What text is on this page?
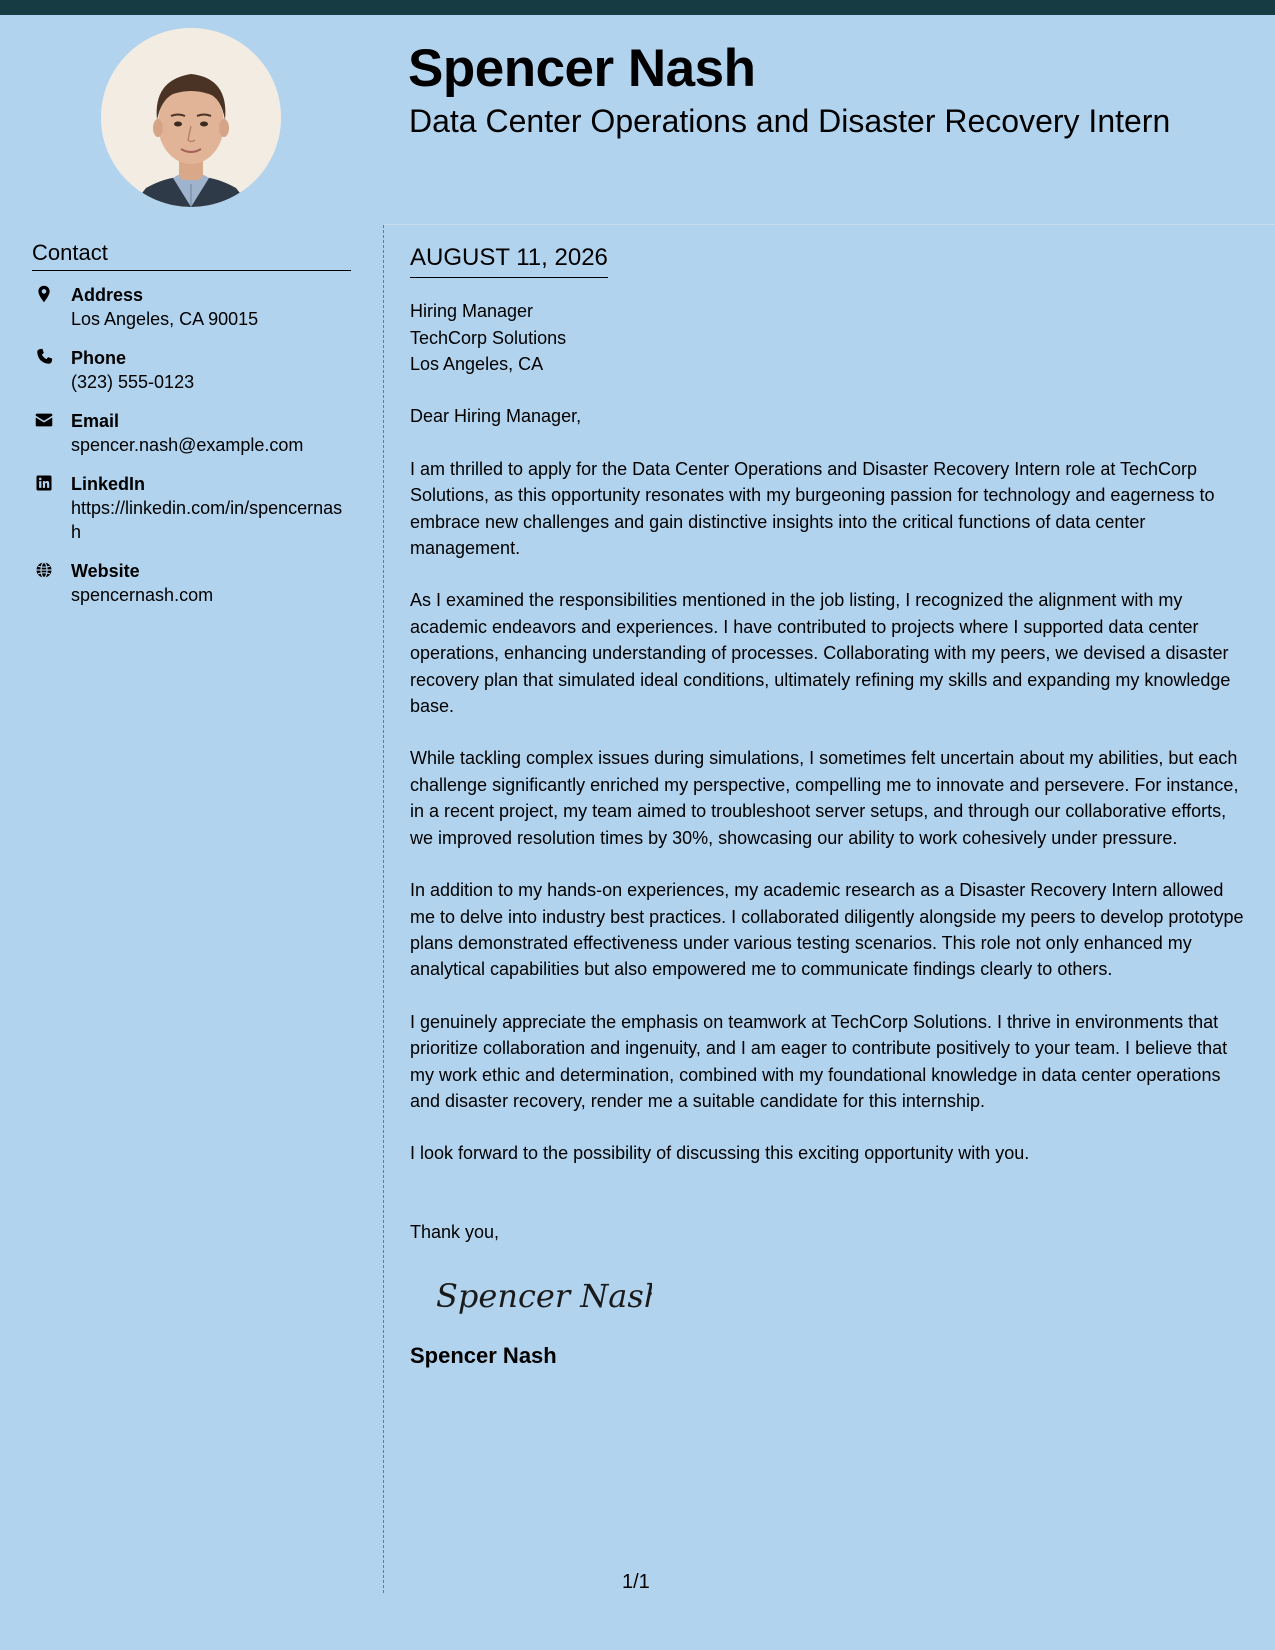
Spencer Nash
Data Center Operations and Disaster Recovery Intern
Contact
Address
Los Angeles, CA 90015
Phone
(323) 555-0123
Email
spencer.nash@example.com
LinkedIn
https://linkedin.com/in/spencernash
Website
spencernash.com
AUGUST 11, 2026
Hiring Manager
TechCorp Solutions
Los Angeles, CA
Dear Hiring Manager,

I am thrilled to apply for the Data Center Operations and Disaster Recovery Intern role at TechCorp Solutions, as this opportunity resonates with my burgeoning passion for technology and eagerness to embrace new challenges and gain distinctive insights into the critical functions of data center management.

As I examined the responsibilities mentioned in the job listing, I recognized the alignment with my academic endeavors and experiences. I have contributed to projects where I supported data center operations, enhancing understanding of processes. Collaborating with my peers, we devised a disaster recovery plan that simulated ideal conditions, ultimately refining my skills and expanding my knowledge base.

While tackling complex issues during simulations, I sometimes felt uncertain about my abilities, but each challenge significantly enriched my perspective, compelling me to innovate and persevere. For instance, in a recent project, my team aimed to troubleshoot server setups, and through our collaborative efforts, we improved resolution times by 30%, showcasing our ability to work cohesively under pressure.

In addition to my hands-on experiences, my academic research as a Disaster Recovery Intern allowed me to delve into industry best practices. I collaborated diligently alongside my peers to develop prototype plans demonstrated effectiveness under various testing scenarios. This role not only enhanced my analytical capabilities but also empowered me to communicate findings clearly to others.

I genuinely appreciate the emphasis on teamwork at TechCorp Solutions. I thrive in environments that prioritize collaboration and ingenuity, and I am eager to contribute positively to your team. I believe that my work ethic and determination, combined with my foundational knowledge in data center operations and disaster recovery, render me a suitable candidate for this internship.

I look forward to the possibility of discussing this exciting opportunity with you.

Thank you,
Spencer Nash
Spencer Nash
1/1
